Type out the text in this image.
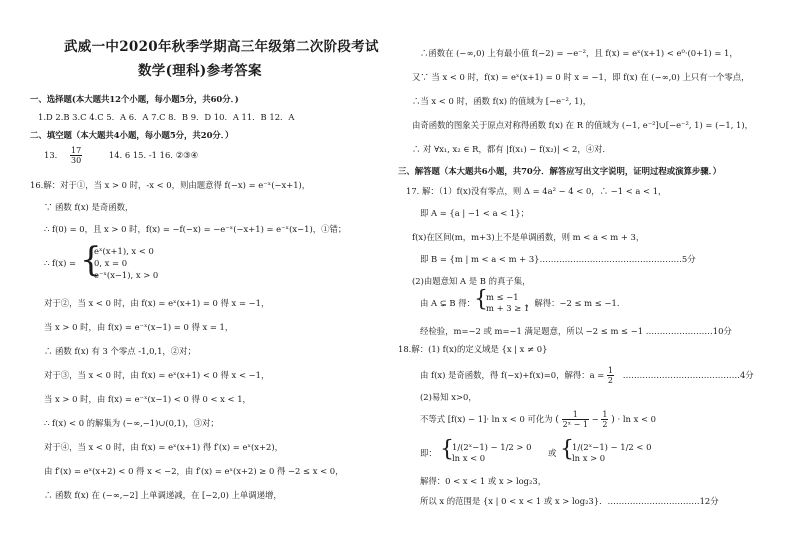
武威一中2020年秋季学期高三年级第二次阶段考试
数学(理科)参考答案
一、选择题(本大题共12个小题，每小题5分，共60分．)
1.D 2.B 3.C 4.C 5．A 6．A 7.C 8．B 9．D 10．A 11．B 12．A
二、填空题（本大题共4小题，每小题5分，共20分．）
13. $\frac{17}{30}$	14. 6 15. -1 16. ②③④
16.解：对于①，当 x > 0 时，-x < 0，则由题意得 f(−x) = e⁻ˣ(−x+1)，
∵ 函数 f(x) 是奇函数，
∴ f(0) = 0，且 x > 0 时，f(x) = −f(−x) = −e⁻ˣ(−x+1) = e⁻ˣ(x−1)，①错；
∴ f(x) = {
eˣ(x+1), x < 0
0, x = 0
e⁻ˣ(x−1), x > 0
对于②，当 x < 0 时，由 f(x) = eˣ(x+1) = 0 得 x = −1，
当 x > 0 时，由 f(x) = e⁻ˣ(x−1) = 0 得 x = 1，
∴ 函数 f(x) 有 3 个零点 -1,0,1，②对；
对于③，当 x < 0 时，由 f(x) = eˣ(x+1) < 0 得 x < −1，
当 x > 0 时，由 f(x) = e⁻ˣ(x−1) < 0 得 0 < x < 1，
∴ f(x) < 0 的解集为 (−∞,−1)∪(0,1)，③对；
对于④，当 x < 0 时，由 f(x) = eˣ(x+1) 得 f′(x) = eˣ(x+2)，
由 f′(x) = eˣ(x+2) < 0 得 x < −2，由 f′(x) = eˣ(x+2) ≥ 0 得 −2 ≤ x < 0，
∴ 函数 f(x) 在 (−∞,−2] 上单调递减，在 [−2,0) 上单调递增，
∴函数在 (−∞,0) 上有最小值 f(−2) = −e⁻²，且 f(x) = eˣ(x+1) < e⁰·(0+1) = 1，
又∵ 当 x < 0 时，f(x) = eˣ(x+1) = 0 时 x = −1，即 f(x) 在 (−∞,0) 上只有一个零点，
∴当 x < 0 时，函数 f(x) 的值域为 [−e⁻², 1)，
由奇函数的图象关于原点对称得函数 f(x) 在 R 的值域为 (−1, e⁻²]∪[−e⁻², 1) = (−1, 1)，
∴ 对 ∀x₁, x₂ ∈ R，都有 |f(x₁) − f(x₂)| < 2，④对．
三、解答题（本大题共6小题，共70分．解答应写出文字说明，证明过程或演算步骤．）
17. 解：（1）f(x)没有零点，则 Δ = 4a² − 4 < 0，∴ −1 < a < 1，
即 A = {a | −1 < a < 1}；
f(x)在区间(m，m+3)上不是单调函数，则 m < a < m + 3，
即 B = {m | m < a < m + 3}……………………………………………5分
(2)由题意知 A 是 B 的真子集，
由 A ⊊ B 得： {
m ≤ −1
m + 3 ≥ 1
，解得：−2 ≤ m ≤ −1．
经检验，m=−2 或 m=−1 满足题意，所以 −2 ≤ m ≤ −1 ……………………10分
18.解：(1) f(x)的定义域是 {x | x ≠ 0}
由 f(x) 是奇函数，得 f(−x)+f(x)=0，解得：$a = \frac{1}{2}$ ……………………………………4分
(2)易知 x>0，
不等式 [f(x) − 1]· ln x < 0 可化为 ( $\frac{1}{\text{2ˣ − 1}} - \frac{1}{2}$ ) · ln x < 0
即： {
1/(2ˣ−1) − 1/2 > 0
ln x < 0	或 {
1/(2ˣ−1) − 1/2 < 0
ln x > 0
解得：0 < x < 1 或 x > log₂3，
所以 x 的范围是 {x | 0 < x < 1 或 x > log₂3}．……………………………12分
